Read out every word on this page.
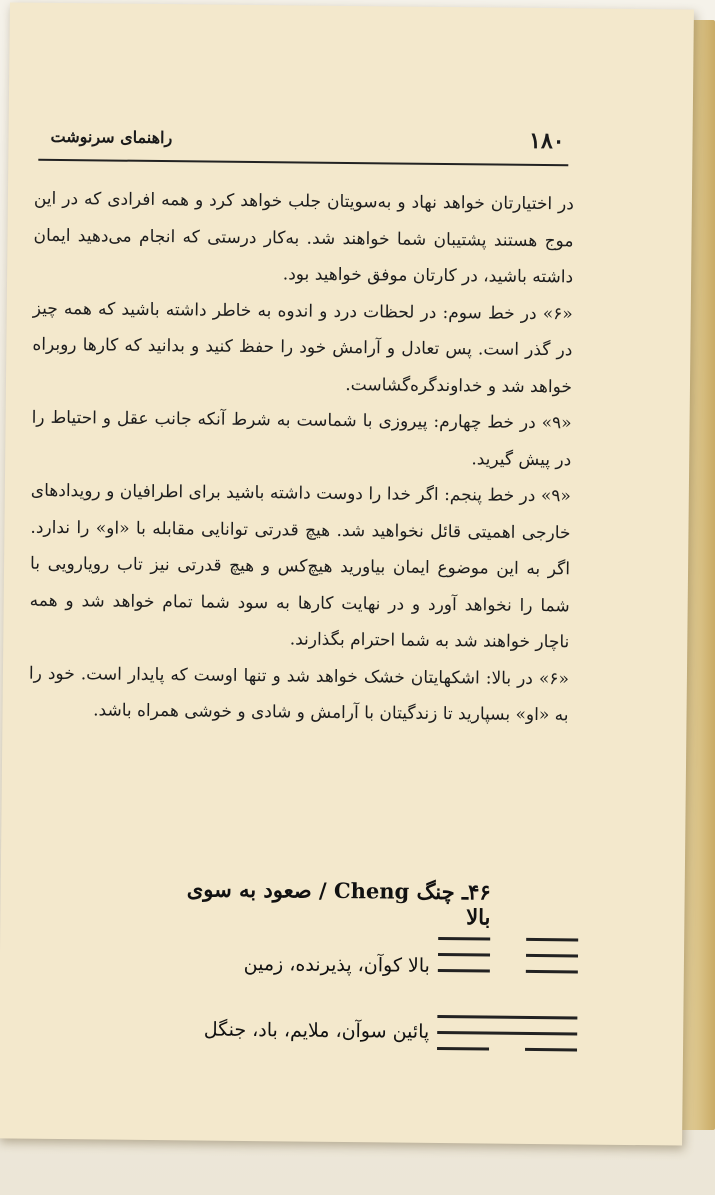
راهنمای سرنوشت	۱۸۰

در اختیارتان خواهد نهاد و به‌سویتان جلب خواهد کرد و همه افرادی که در این موج هستند پشتیبان شما خواهند شد. به‌کار درستی که انجام می‌دهید ایمان داشته باشید، در کارتان موفق خواهید بود.

«۶» در خط سوم: در لحظات درد و اندوه به خاطر داشته باشید که همه چیز در گذر است. پس تعادل و آرامش خود را حفظ کنید و بدانید که کارها روبراه خواهد شد و خداوندگره‌گشاست.

«۹» در خط چهارم: پیروزی با شماست به شرط آنکه جانب عقل و احتیاط را در پیش گیرید.

«۹» در خط پنجم: اگر خدا را دوست داشته باشید برای اطرافیان و رویدادهای خارجی اهمیتی قائل نخواهید شد. هیچ قدرتی توانایی مقابله با «او» را ندارد. اگر به این موضوع ایمان بیاورید هیچ‌کس و هیچ قدرتی نیز تاب رویارویی با شما را نخواهد آورد و در نهایت کارها به سود شما تمام خواهد شد و همه ناچار خواهند شد به شما احترام بگذارند.

«۶» در بالا: اشکهایتان خشک خواهد شد و تنها اوست که پایدار است. خود را به «او» بسپارید تا زندگیتان با آرامش و شادی و خوشی همراه باشد.

۴۶ـ چنگ Cheng / صعود به سوی بالا
بالا کوآن، پذیرنده، زمین
پائین سوآن، ملایم، باد، جنگل
